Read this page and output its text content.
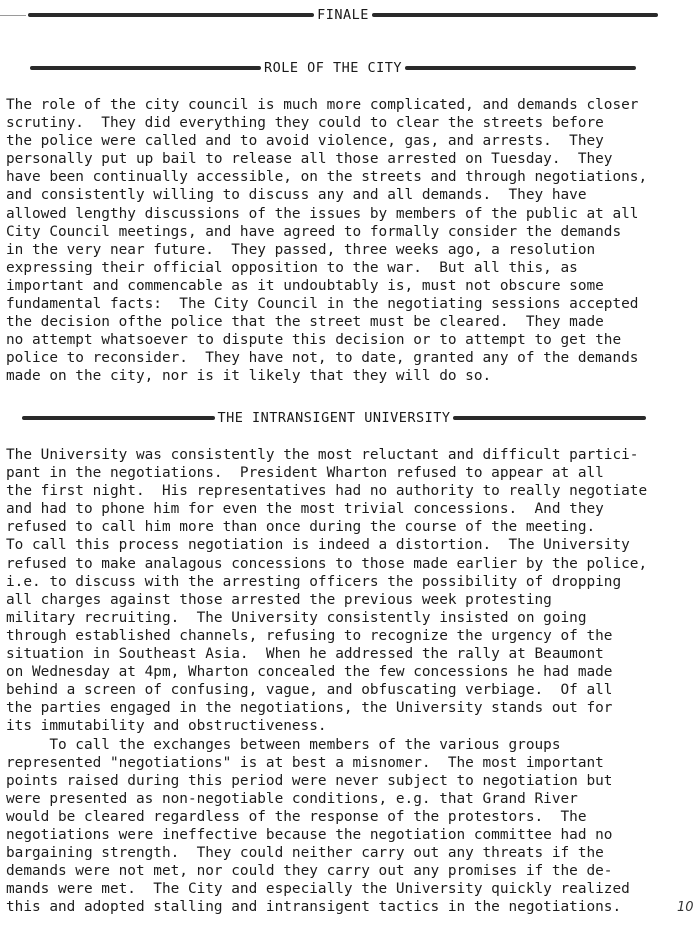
FINALE
ROLE OF THE CITY

The role of the city council is much more complicated, and demands closer
scrutiny.  They did everything they could to clear the streets before
the police were called and to avoid violence, gas, and arrests.  They
personally put up bail to release all those arrested on Tuesday.  They
have been continually accessible, on the streets and through negotiations,
and consistently willing to discuss any and all demands.  They have
allowed lengthy discussions of the issues by members of the public at all
City Council meetings, and have agreed to formally consider the demands
in the very near future.  They passed, three weeks ago, a resolution
expressing their official opposition to the war.  But all this, as
important and commencable as it undoubtably is, must not obscure some
fundamental facts:  The City Council in the negotiating sessions accepted
the decision ofthe police that the street must be cleared.  They made
no attempt whatsoever to dispute this decision or to attempt to get the
police to reconsider.  They have not, to date, granted any of the demands
made on the city, nor is it likely that they will do so.

THE INTRANSIGENT UNIVERSITY

The University was consistently the most reluctant and difficult partici-
pant in the negotiations.  President Wharton refused to appear at all
the first night.  His representatives had no authority to really negotiate
and had to phone him for even the most trivial concessions.  And they
refused to call him more than once during the course of the meeting.
To call this process negotiation is indeed a distortion.  The University
refused to make analagous concessions to those made earlier by the police,
i.e. to discuss with the arresting officers the possibility of dropping
all charges against those arrested the previous week protesting
military recruiting.  The University consistently insisted on going
through established channels, refusing to recognize the urgency of the
situation in Southeast Asia.  When he addressed the rally at Beaumont
on Wednesday at 4pm, Wharton concealed the few concessions he had made
behind a screen of confusing, vague, and obfuscating verbiage.  Of all
the parties engaged in the negotiations, the University stands out for
its immutability and obstructiveness.
To call the exchanges between members of the various groups
represented "negotiations" is at best a misnomer.  The most important
points raised during this period were never subject to negotiation but
were presented as non-negotiable conditions, e.g. that Grand River
would be cleared regardless of the response of the protestors.  The
negotiations were ineffective because the negotiation committee had no
bargaining strength.  They could neither carry out any threats if the
demands were not met, nor could they carry out any promises if the de-
mands were met.  The City and especially the University quickly realized
this and adopted stalling and intransigent tactics in the negotiations.	10
